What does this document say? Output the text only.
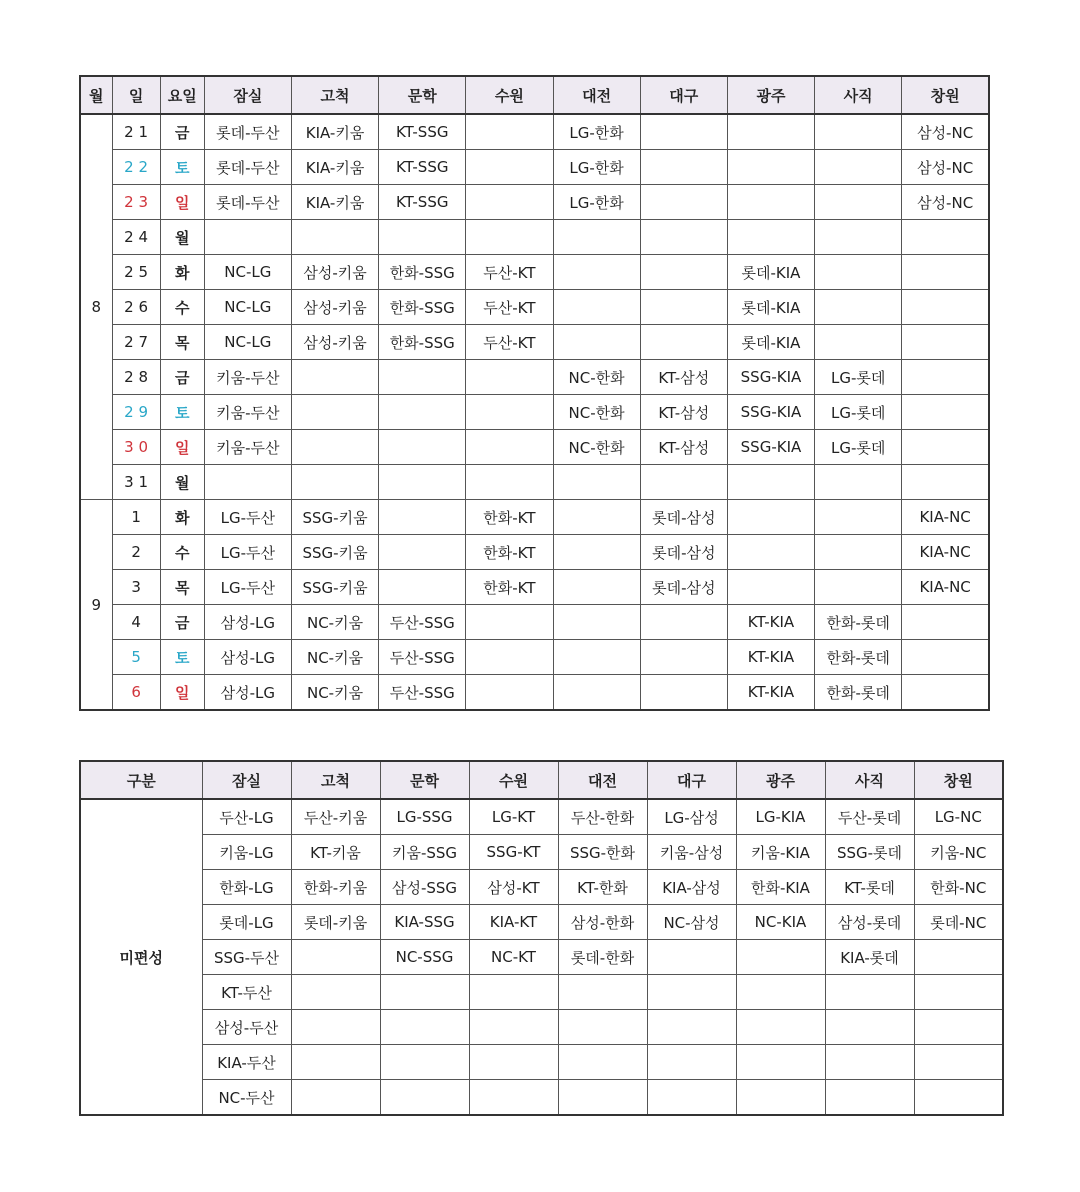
월	일	요일	잠실	고척	문학	수원	대전	대구	광주	사직	창원
8	2 1	금	롯데-두산	KIA-키움	KT-SSG		LG-한화				삼성-NC
	2 2	토	롯데-두산	KIA-키움	KT-SSG		LG-한화				삼성-NC
	2 3	일	롯데-두산	KIA-키움	KT-SSG		LG-한화				삼성-NC
	2 4	월									
	2 5	화	NC-LG	삼성-키움	한화-SSG	두산-KT			롯데-KIA		
	2 6	수	NC-LG	삼성-키움	한화-SSG	두산-KT			롯데-KIA		
	2 7	목	NC-LG	삼성-키움	한화-SSG	두산-KT			롯데-KIA		
	2 8	금	키움-두산				NC-한화	KT-삼성	SSG-KIA	LG-롯데	
	2 9	토	키움-두산				NC-한화	KT-삼성	SSG-KIA	LG-롯데	
	3 0	일	키움-두산				NC-한화	KT-삼성	SSG-KIA	LG-롯데	
	3 1	월									
9	1	화	LG-두산	SSG-키움		한화-KT		롯데-삼성			KIA-NC
	2	수	LG-두산	SSG-키움		한화-KT		롯데-삼성			KIA-NC
	3	목	LG-두산	SSG-키움		한화-KT		롯데-삼성			KIA-NC
	4	금	삼성-LG	NC-키움	두산-SSG				KT-KIA	한화-롯데	
	5	토	삼성-LG	NC-키움	두산-SSG				KT-KIA	한화-롯데	
	6	일	삼성-LG	NC-키움	두산-SSG				KT-KIA	한화-롯데	
구분	잠실	고척	문학	수원	대전	대구	광주	사직	창원
미편성	두산-LG	두산-키움	LG-SSG	LG-KT	두산-한화	LG-삼성	LG-KIA	두산-롯데	LG-NC
	키움-LG	KT-키움	키움-SSG	SSG-KT	SSG-한화	키움-삼성	키움-KIA	SSG-롯데	키움-NC
	한화-LG	한화-키움	삼성-SSG	삼성-KT	KT-한화	KIA-삼성	한화-KIA	KT-롯데	한화-NC
	롯데-LG	롯데-키움	KIA-SSG	KIA-KT	삼성-한화	NC-삼성	NC-KIA	삼성-롯데	롯데-NC
	SSG-두산		NC-SSG	NC-KT	롯데-한화			KIA-롯데	
	KT-두산								
	삼성-두산								
	KIA-두산								
	NC-두산								
